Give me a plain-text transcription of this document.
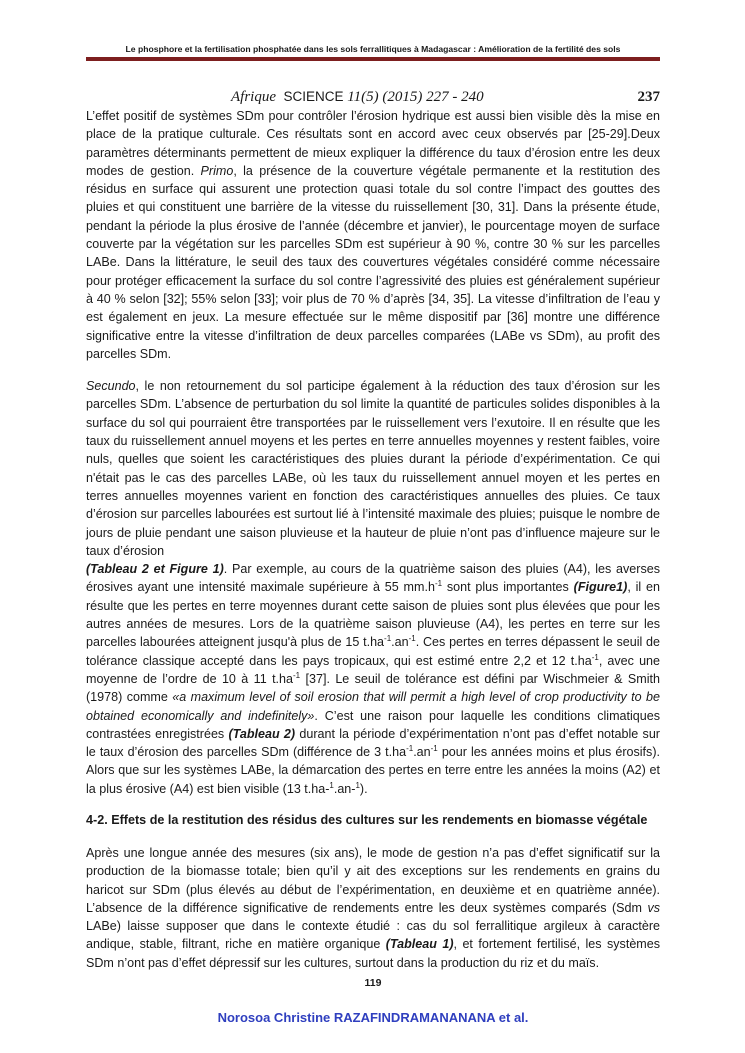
Le phosphore et la fertilisation phosphatée dans les sols ferrallitiques à Madagascar : Amélioration de la fertilité des sols
Afrique SCIENCE 11(5) (2015) 227 - 240	237

L’effet positif de systèmes SDm pour contrôler l’érosion hydrique est aussi bien visible dès la mise en place de la pratique culturale. Ces résultats sont en accord avec ceux observés par [25-29].Deux paramètres déterminants permettent de mieux expliquer la différence du taux d’érosion entre les deux modes de gestion. Primo, la présence de la couverture végétale permanente et la restitution des résidus en surface qui assurent une protection quasi totale du sol contre l’impact des gouttes des pluies et qui constituent une barrière de la vitesse du ruissellement [30, 31]. Dans la présente étude, pendant la période la plus érosive de l’année (décembre et janvier), le pourcentage moyen de surface couverte par la végétation sur les parcelles SDm est supérieur à 90 %, contre 30 % sur les parcelles LABe. Dans la littérature, le seuil des taux des couvertures végétales considéré comme nécessaire pour protéger efficacement la surface du sol contre l’agressivité des pluies est généralement supérieur à 40 % selon [32]; 55% selon [33]; voir plus de 70 % d’après [34, 35]. La vitesse d’infiltration de l’eau y est également en jeux. La mesure effectuée sur le même dispositif par [36] montre une différence significative entre la vitesse d’infiltration de deux parcelles comparées (LABe vs SDm), au profit des parcelles SDm.

Secundo, le non retournement du sol participe également à la réduction des taux d’érosion sur les parcelles SDm. L’absence de perturbation du sol limite la quantité de particules solides disponibles à la surface du sol qui pourraient être transportées par le ruissellement vers l’exutoire. Il en résulte que les taux du ruissellement annuel moyens et les pertes en terre annuelles moyennes y restent faibles, voire nuls, quelles que soient les caractéristiques des pluies durant la période d’expérimentation. Ce qui n'était pas le cas des parcelles LABe, où les taux du ruissellement annuel moyen et les pertes en terres annuelles moyennes varient en fonction des caractéristiques annuelles des pluies. Ce taux d’érosion sur parcelles labourées est surtout lié à l’intensité maximale des pluies; puisque le nombre de jours de pluie pendant une saison pluvieuse et la hauteur de pluie n’ont pas d’influence majeure sur le taux d’érosion

(Tableau 2 et Figure 1). Par exemple, au cours de la quatrième saison des pluies (A4), les averses érosives ayant une intensité maximale supérieure à 55 $mm.h^{-1}$ sont plus importantes (Figure1), il en résulte que les pertes en terre moyennes durant cette saison de pluies sont plus élevées que pour les autres années de mesures. Lors de la quatrième saison pluvieuse (A4), les pertes en terre sur les parcelles labourées atteignent jusqu'à plus de 15 $t.ha^{-1}.an^{-1}$. Ces pertes en terres dépassent le seuil de tolérance classique accepté dans les pays tropicaux, qui est estimé entre 2,2 et 12 $t.ha^{-1}$, avec une moyenne de l’ordre de 10 à 11 $t.ha^{-1}$ [37]. Le seuil de tolérance est défini par Wischmeier & Smith (1978) comme «a maximum level of soil erosion that will permit a high level of crop productivity to be obtained economically and indefinitely». C’est une raison pour laquelle les conditions climatiques contrastées enregistrées (Tableau 2) durant la période d’expérimentation n’ont pas d’effet notable sur le taux d’érosion des parcelles SDm (différence de 3 $t.ha^{-1}.an^{-1}$ pour les années moins et plus érosifs). Alors que sur les systèmes LABe, la démarcation des pertes en terre entre les années la moins (A2) et la plus érosive (A4) est bien visible (13 t.ha-$^1$.an-$^1$).

4-2. Effets de la restitution des résidus des cultures sur les rendements en biomasse végétale

Après une longue année des mesures (six ans), le mode de gestion n’a pas d’effet significatif sur la production de la biomasse totale; bien qu’il y ait des exceptions sur les rendements en grains du haricot sur SDm (plus élevés au début de l’expérimentation, en deuxième et en quatrième année). L’absence de la différence significative de rendements entre les deux systèmes comparés (Sdm vs LABe) laisse supposer que dans le contexte étudié : cas du sol ferrallitique argileux à caractère andique, stable, filtrant, riche en matière organique (Tableau 1), et fortement fertilisé, les systèmes SDm n’ont pas d’effet dépressif sur les cultures, surtout dans la production du riz et du maïs.

119
Norosoa Christine RAZAFINDRAMANANANA et al.
